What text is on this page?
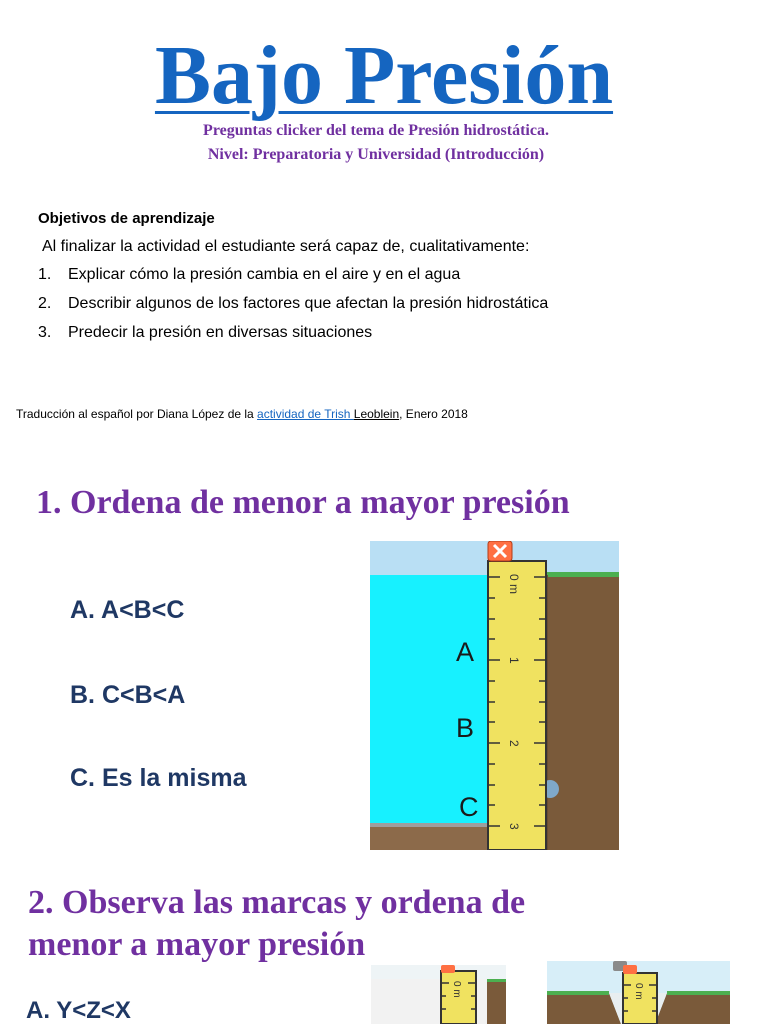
Bajo Presión

Preguntas clicker del tema de Presión hidrostática.

Nivel: Preparatoria y Universidad (Introducción)

Objetivos de aprendizaje
Al finalizar la actividad el estudiante será capaz de, cualitativamente:
1.	Explicar cómo la presión cambia en el aire y en el agua
2.	Describir algunos de los factores que afectan la presión hidrostática
3.	Predecir la presión en diversas situaciones
Traducción al español por Diana López de la actividad de Trish Leoblein, Enero 2018
1. Ordena de menor a mayor presión
A. A<B<C
B. C<B<A
C. Es la misma
0 m
1
2
3
A
B
C
2. Observa las marcas y ordena de menor a mayor presión
A. Y<Z<X
0 m	0 m
